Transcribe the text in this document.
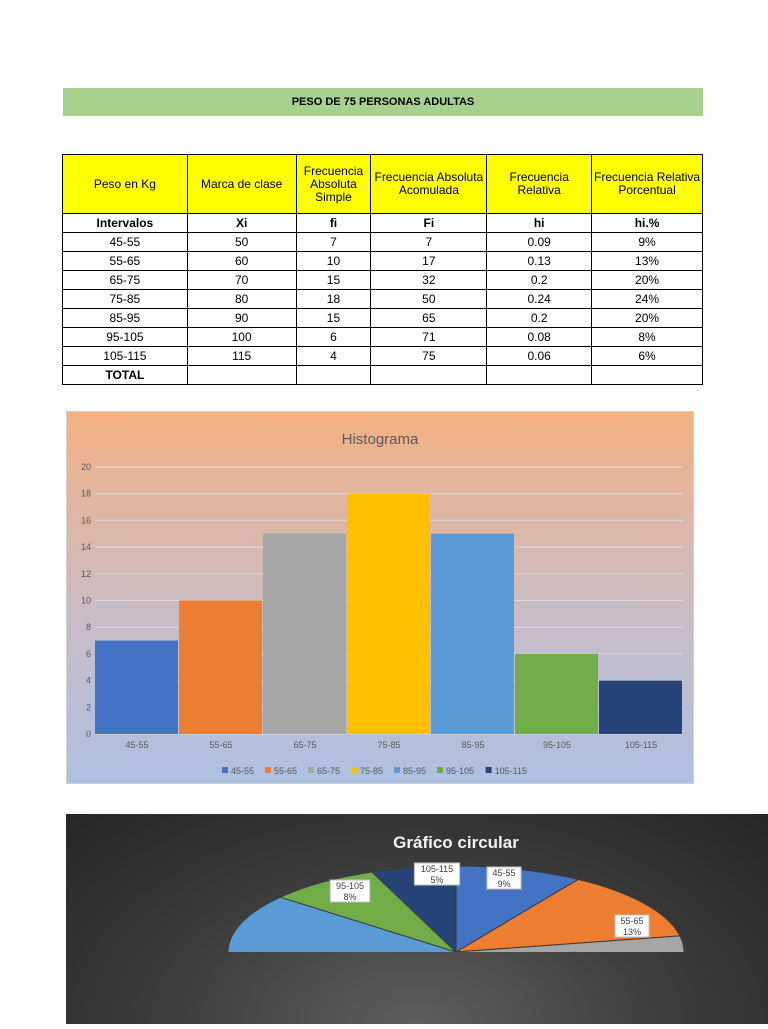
PESO DE 75 PERSONAS ADULTAS
Peso en Kg	Marca de clase	Frecuencia Absoluta Simple	Frecuencia Absoluta Acomulada	Frecuencia Relativa	Frecuencia Relativa Porcentual
Intervalos	Xi	fi	Fi	hi	hi.%
45-55	50	7	7	0.09	9%
55-65	60	10	17	0.13	13%
65-75	70	15	32	0.2	20%
75-85	80	18	50	0.24	24%
85-95	90	15	65	0.2	20%
95-105	100	6	71	0.08	8%
105-115	115	4	75	0.06	6%
TOTAL					
Histograma
0
2
4
6
8
10
12
14
16
18
20
45-55	55-65	65-75	75-85	85-95	95-105	105-115
45-55 55-65 65-75 75-85 85-95 95-105 105-115
Gráfico circular
45-55
9%
55-65
13%
95-105
8%
105-115
5%
